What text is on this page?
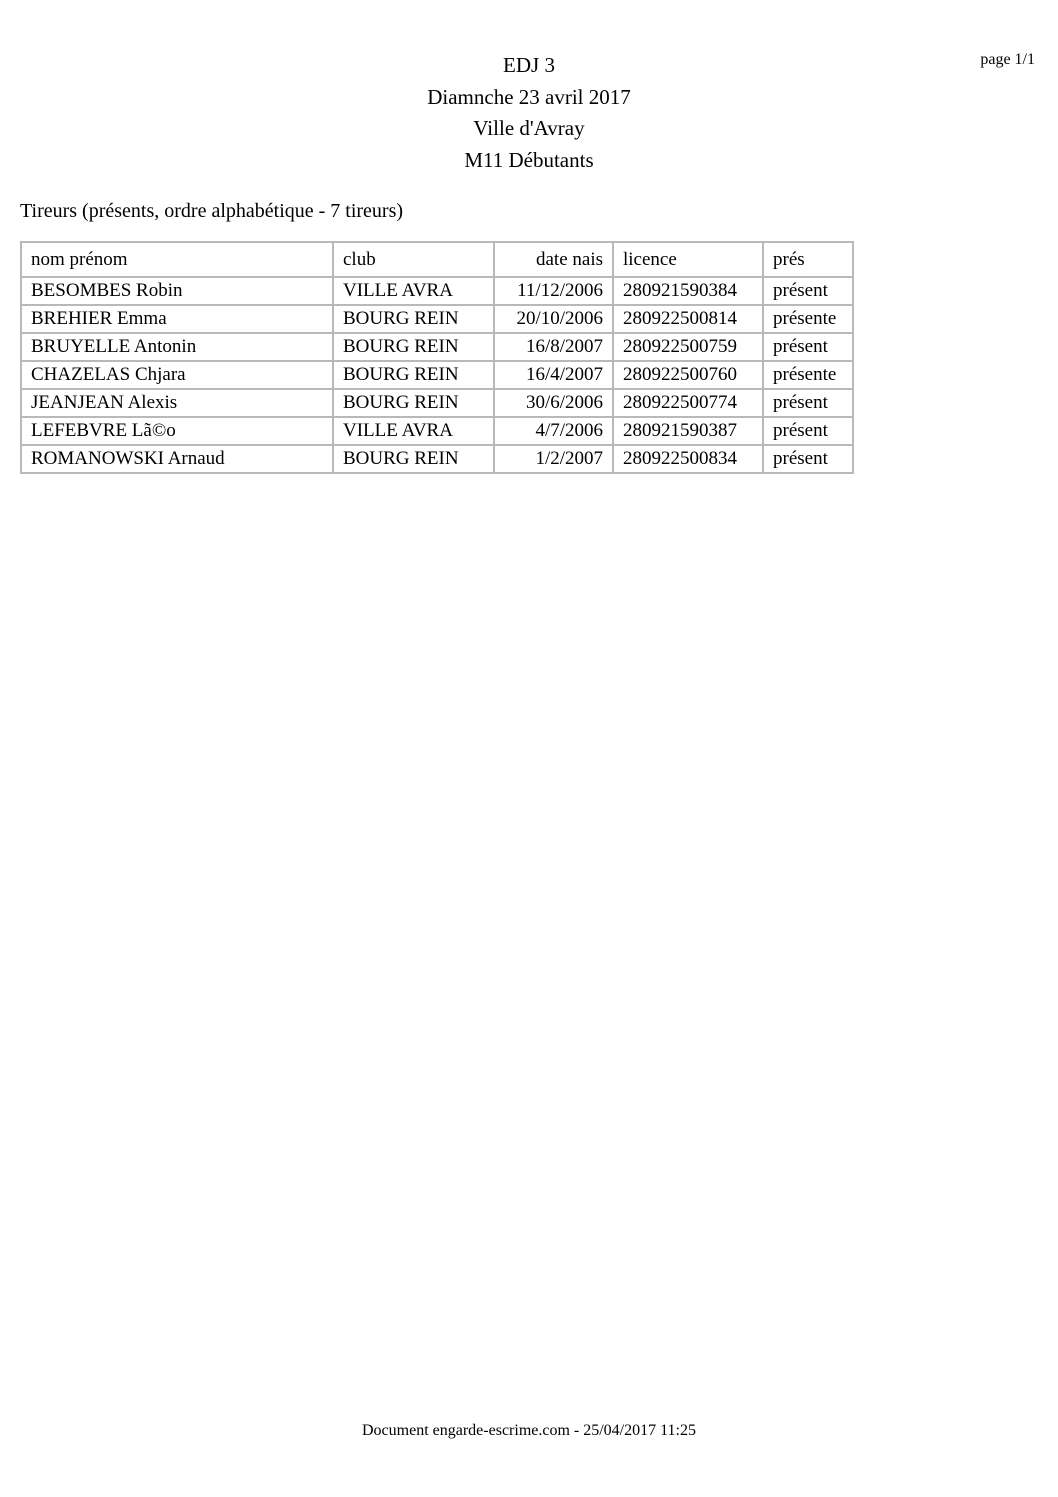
EDJ 3
Diamnche 23 avril 2017
Ville d'Avray
M11 Débutants
page 1/1
Tireurs (présents, ordre alphabétique - 7 tireurs)
nom prénom	club	date nais	licence	prés
BESOMBES Robin	VILLE AVRA	11/12/2006	280921590384	présent
BREHIER Emma	BOURG REIN	20/10/2006	280922500814	présente
BRUYELLE Antonin	BOURG REIN	16/8/2007	280922500759	présent
CHAZELAS Chjara	BOURG REIN	16/4/2007	280922500760	présente
JEANJEAN Alexis	BOURG REIN	30/6/2006	280922500774	présent
LEFEBVRE Lã©o	VILLE AVRA	4/7/2006	280921590387	présent
ROMANOWSKI Arnaud	BOURG REIN	1/2/2007	280922500834	présent
Document engarde-escrime.com - 25/04/2017 11:25
